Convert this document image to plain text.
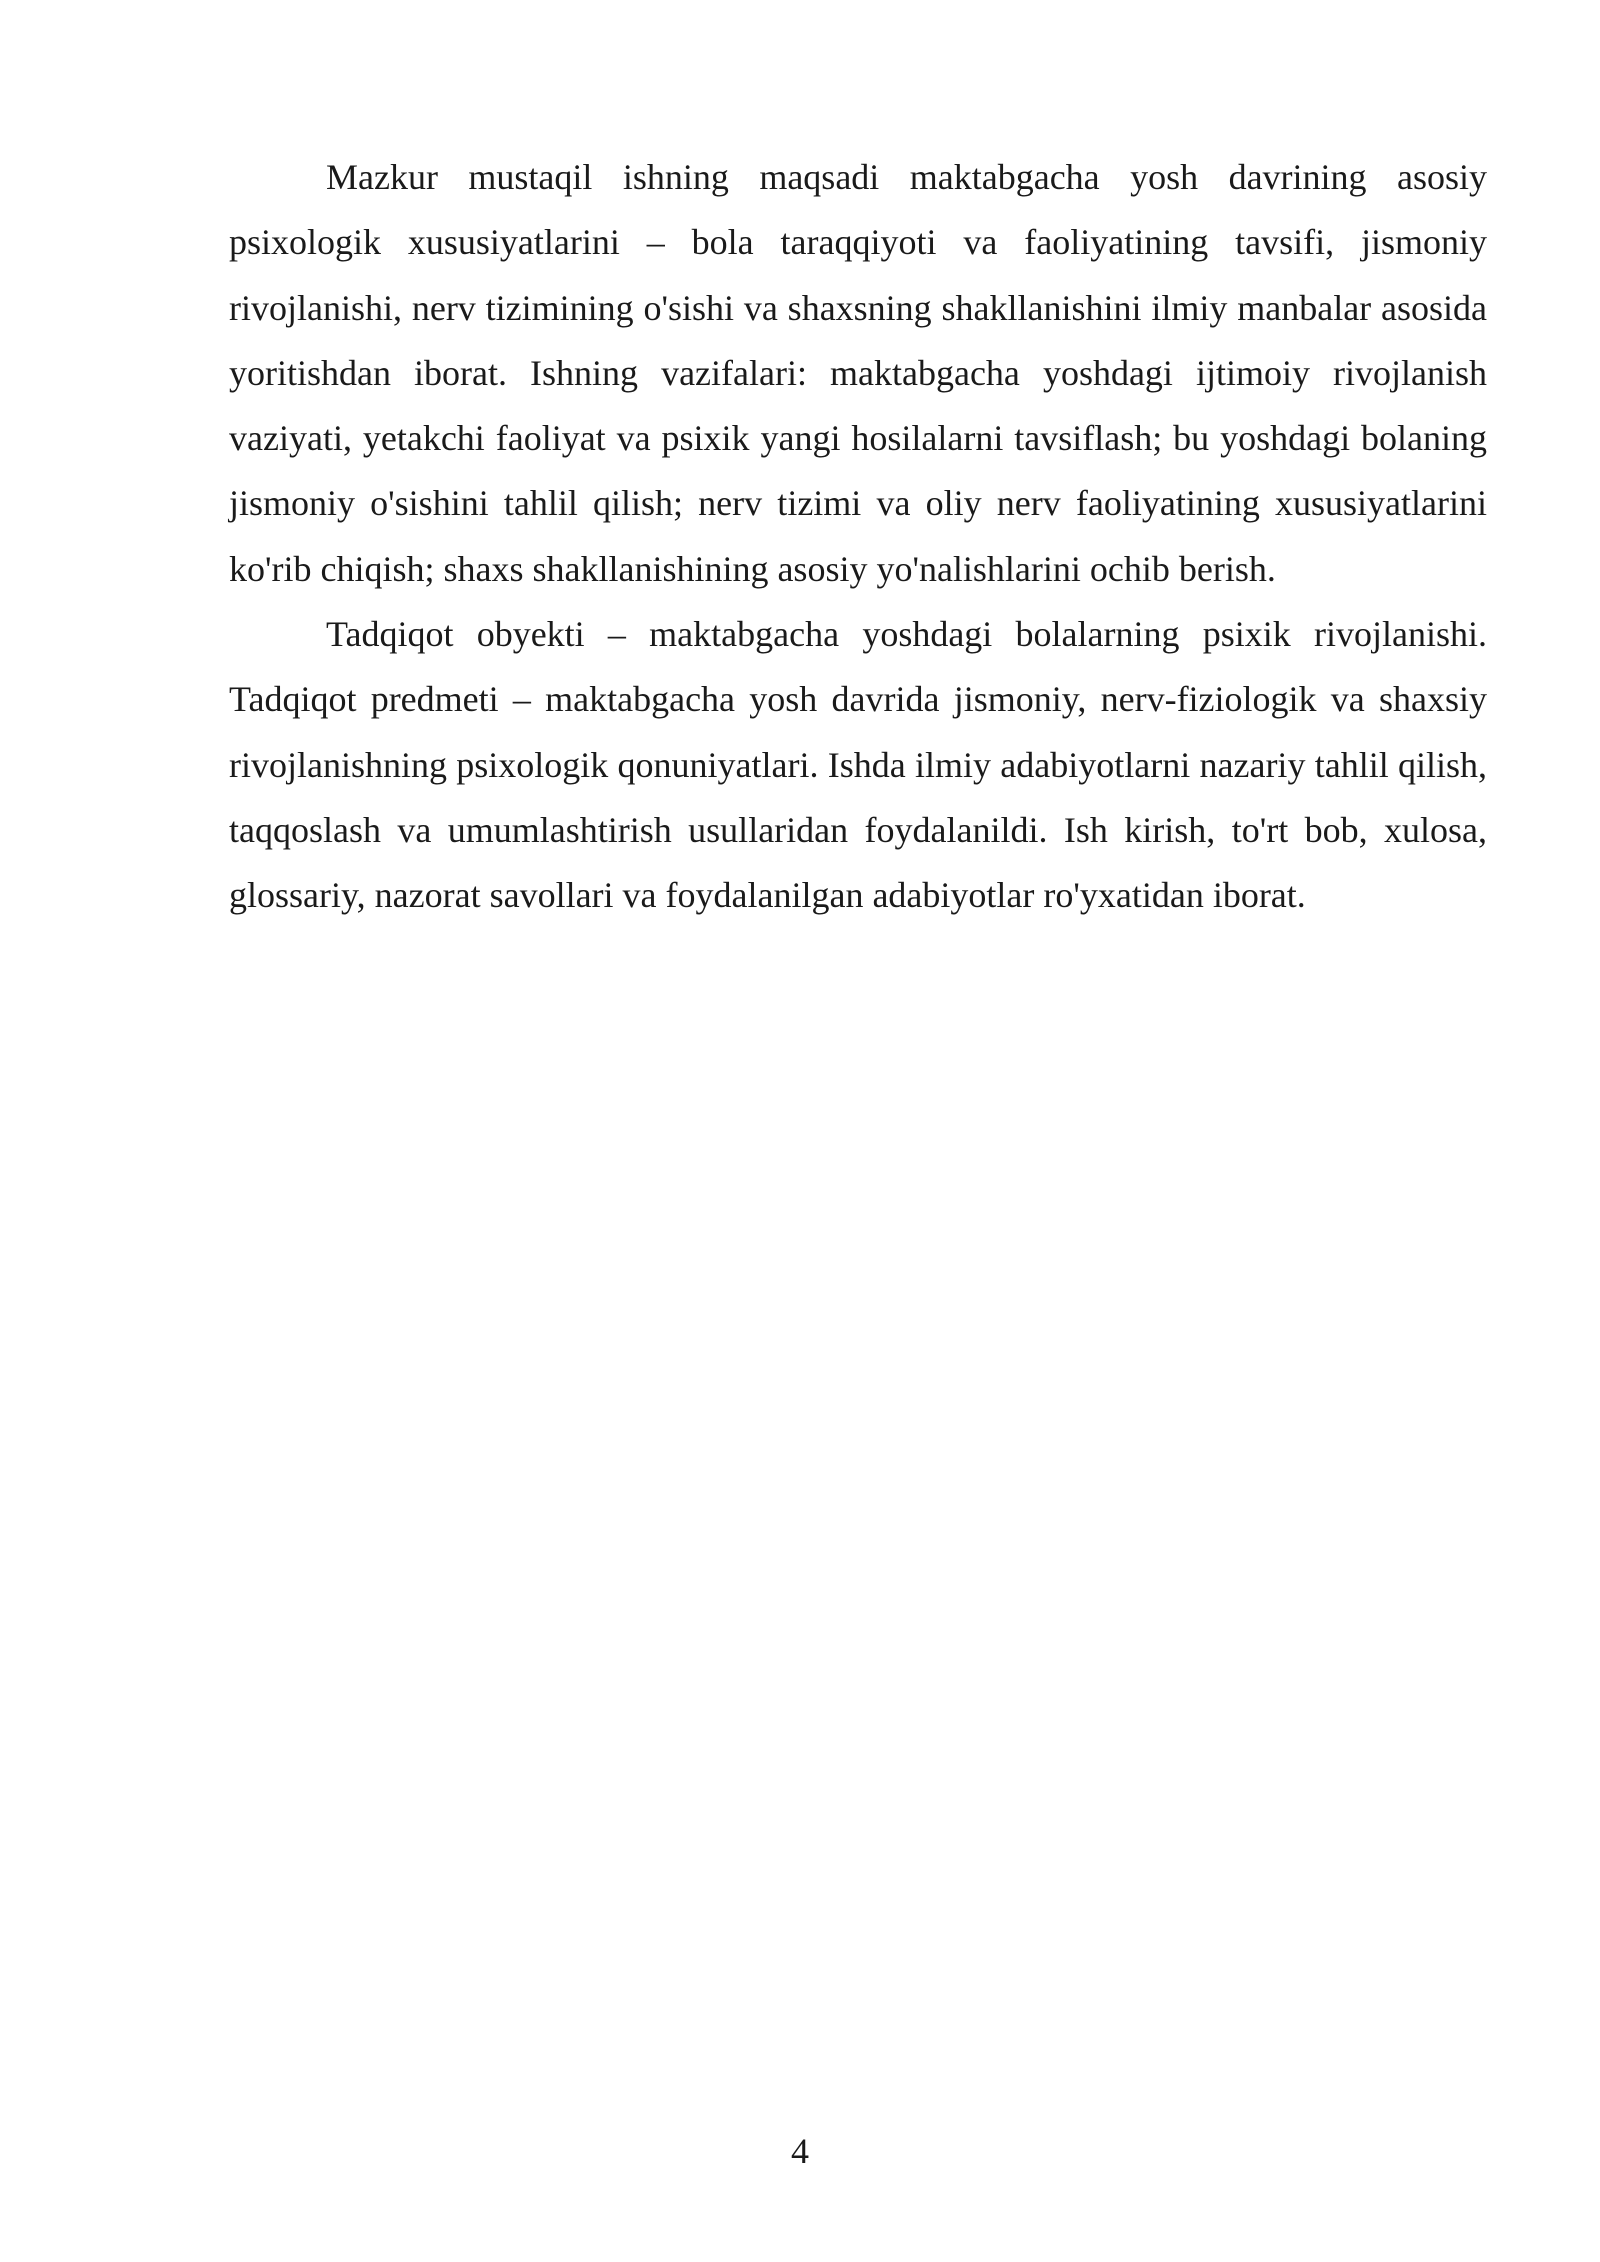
Mazkur mustaqil ishning maqsadi maktabgacha yosh davrining asosiy psixologik xususiyatlarini – bola taraqqiyoti va faoliyatining tavsifi, jismoniy rivojlanishi, nerv tizimining o'sishi va shaxsning shakllanishini ilmiy manbalar asosida yoritishdan iborat. Ishning vazifalari: maktabgacha yoshdagi ijtimoiy rivojlanish vaziyati, yetakchi faoliyat va psixik yangi hosilalarni tavsiflash; bu yoshdagi bolaning jismoniy o'sishini tahlil qilish; nerv tizimi va oliy nerv faoliyatining xususiyatlarini ko'rib chiqish; shaxs shakllanishining asosiy yo'nalishlarini ochib berish.

Tadqiqot obyekti – maktabgacha yoshdagi bolalarning psixik rivojlanishi. Tadqiqot predmeti – maktabgacha yosh davrida jismoniy, nerv-fiziologik va shaxsiy rivojlanishning psixologik qonuniyatlari. Ishda ilmiy adabiyotlarni nazariy tahlil qilish, taqqoslash va umumlashtirish usullaridan foydalanildi. Ish kirish, to'rt bob, xulosa, glossariy, nazorat savollari va foydalanilgan adabiyotlar ro'yxatidan iborat.

4
